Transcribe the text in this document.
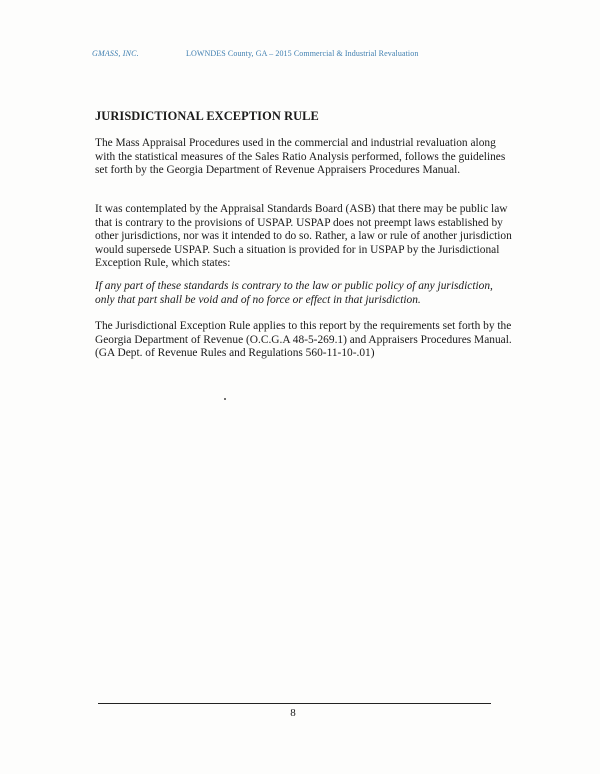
GMASS, INC.	LOWNDES County, GA – 2015 Commercial & Industrial Revaluation
JURISDICTIONAL EXCEPTION RULE

The Mass Appraisal Procedures used in the commercial and industrial revaluation along with the statistical measures of the Sales Ratio Analysis performed, follows the guidelines set forth by the Georgia Department of Revenue Appraisers Procedures Manual.

It was contemplated by the Appraisal Standards Board (ASB) that there may be public law that is contrary to the provisions of USPAP. USPAP does not preempt laws established by other jurisdictions, nor was it intended to do so. Rather, a law or rule of another jurisdiction would supersede USPAP. Such a situation is provided for in USPAP by the Jurisdictional Exception Rule, which states:

If any part of these standards is contrary to the law or public policy of any jurisdiction, only that part shall be void and of no force or effect in that jurisdiction.

The Jurisdictional Exception Rule applies to this report by the requirements set forth by the Georgia Department of Revenue (O.C.G.A 48-5-269.1) and Appraisers Procedures Manual. (GA Dept. of Revenue Rules and Regulations 560-11-10-.01)

8
